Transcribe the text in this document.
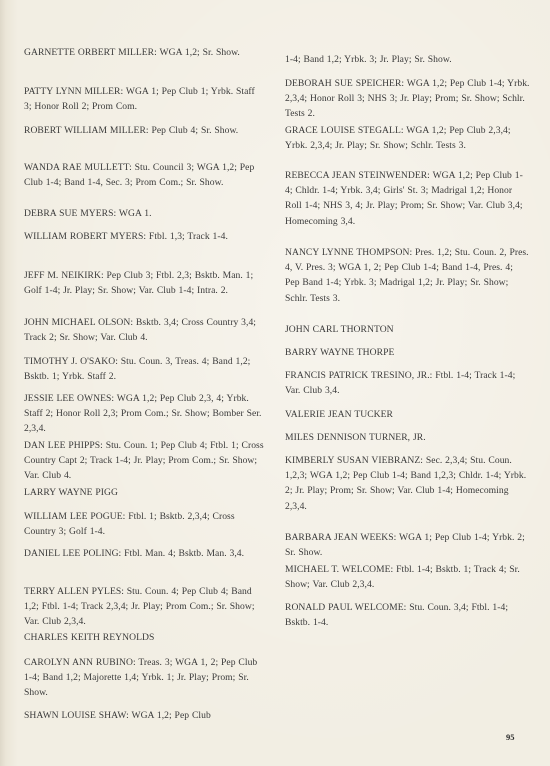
GARNETTE ORBERT MILLER: WGA 1,2; Sr. Show.
PATTY LYNN MILLER: WGA 1; Pep Club 1; Yrbk. Staff 3; Honor Roll 2; Prom Com.
ROBERT WILLIAM MILLER: Pep Club 4; Sr. Show.
WANDA RAE MULLETT: Stu. Council 3; WGA 1,2; Pep Club 1-4; Band 1-4, Sec. 3; Prom Com.; Sr. Show.
DEBRA SUE MYERS: WGA 1.
WILLIAM ROBERT MYERS: Ftbl. 1,3; Track 1-4.
JEFF M. NEIKIRK: Pep Club 3; Ftbl. 2,3; Bsktb. Man. 1; Golf 1-4; Jr. Play; Sr. Show; Var. Club 1-4; Intra. 2.
JOHN MICHAEL OLSON: Bsktb. 3,4; Cross Country 3,4; Track 2; Sr. Show; Var. Club 4.
TIMOTHY J. O'SAKO: Stu. Coun. 3, Treas. 4; Band 1,2; Bsktb. 1; Yrbk. Staff 2.
JESSIE LEE OWNES: WGA 1,2; Pep Club 2,3, 4; Yrbk. Staff 2; Honor Roll 2,3; Prom Com.; Sr. Show; Bomber Ser. 2,3,4.
DAN LEE PHIPPS: Stu. Coun. 1; Pep Club 4; Ftbl. 1; Cross Country Capt 2; Track 1-4; Jr. Play; Prom Com.; Sr. Show; Var. Club 4.
LARRY WAYNE PIGG
WILLIAM LEE POGUE: Ftbl. 1; Bsktb. 2,3,4; Cross Country 3; Golf 1-4.
DANIEL LEE POLING: Ftbl. Man. 4; Bsktb. Man. 3,4.
TERRY ALLEN PYLES: Stu. Coun. 4; Pep Club 4; Band 1,2; Ftbl. 1-4; Track 2,3,4; Jr. Play; Prom Com.; Sr. Show; Var. Club 2,3,4.
CHARLES KEITH REYNOLDS
CAROLYN ANN RUBINO: Treas. 3; WGA 1, 2; Pep Club 1-4; Band 1,2; Majorette 1,4; Yrbk. 1; Jr. Play; Prom; Sr. Show.
SHAWN LOUISE SHAW: WGA 1,2; Pep Club
1-4; Band 1,2; Yrbk. 3; Jr. Play; Sr. Show.
DEBORAH SUE SPEICHER: WGA 1,2; Pep Club 1-4; Yrbk. 2,3,4; Honor Roll 3; NHS 3; Jr. Play; Prom; Sr. Show; Schlr. Tests 2.
GRACE LOUISE STEGALL: WGA 1,2; Pep Club 2,3,4; Yrbk. 2,3,4; Jr. Play; Sr. Show; Schlr. Tests 3.
REBECCA JEAN STEINWENDER: WGA 1,2; Pep Club 1-4; Chldr. 1-4; Yrbk. 3,4; Girls' St. 3; Madrigal 1,2; Honor Roll 1-4; NHS 3, 4; Jr. Play; Prom; Sr. Show; Var. Club 3,4; Homecoming 3,4.
NANCY LYNNE THOMPSON: Pres. 1,2; Stu. Coun. 2, Pres. 4, V. Pres. 3; WGA 1, 2; Pep Club 1-4; Band 1-4, Pres. 4; Pep Band 1-4; Yrbk. 3; Madrigal 1,2; Jr. Play; Sr. Show; Schlr. Tests 3.
JOHN CARL THORNTON
BARRY WAYNE THORPE
FRANCIS PATRICK TRESINO, JR.: Ftbl. 1-4; Track 1-4; Var. Club 3,4.
VALERIE JEAN TUCKER
MILES DENNISON TURNER, JR.
KIMBERLY SUSAN VIEBRANZ: Sec. 2,3,4; Stu. Coun. 1,2,3; WGA 1,2; Pep Club 1-4; Band 1,2,3; Chldr. 1-4; Yrbk. 2; Jr. Play; Prom; Sr. Show; Var. Club 1-4; Homecoming 2,3,4.
BARBARA JEAN WEEKS: WGA 1; Pep Club 1-4; Yrbk. 2; Sr. Show.
MICHAEL T. WELCOME: Ftbl. 1-4; Bsktb. 1; Track 4; Sr. Show; Var. Club 2,3,4.
RONALD PAUL WELCOME: Stu. Coun. 3,4; Ftbl. 1-4; Bsktb. 1-4.
95
